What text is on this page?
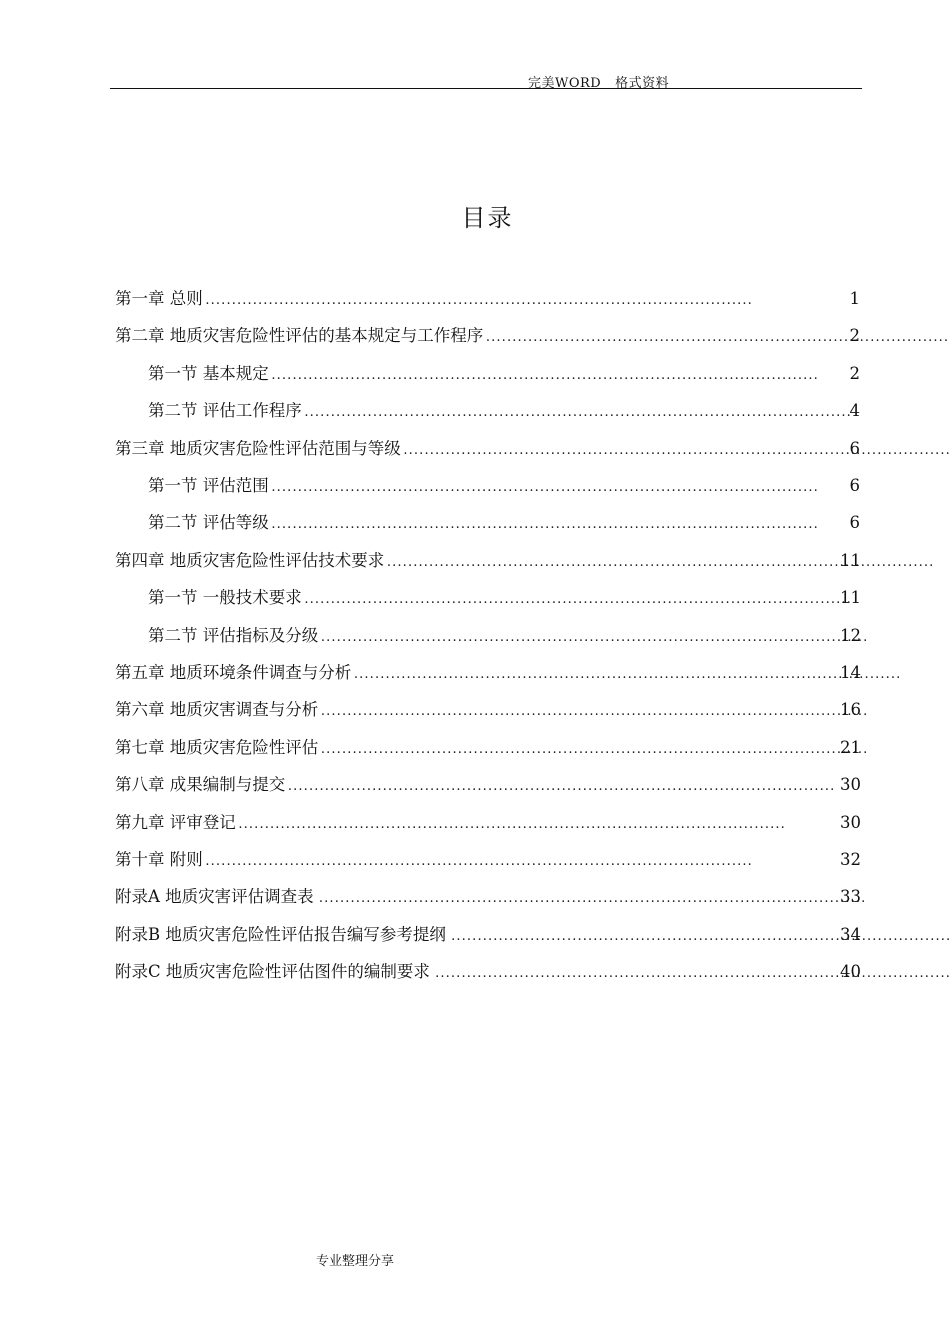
完美WORD   格式资料
目录
第一章 总则 . . .	1
第二章 地质灾害危险性评估的基本规定与工作程序 . . .	2
第一节 基本规定 . . .	2
第二节 评估工作程序 . . .	4
第三章 地质灾害危险性评估范围与等级 . . .	6
第一节 评估范围 . . .	6
第二节 评估等级 . . .	6
第四章 地质灾害危险性评估技术要求 . . .	11
第一节 一般技术要求 . . .	11
第二节 评估指标及分级 . . .	12
第五章 地质环境条件调查与分析 . . .	14
第六章 地质灾害调查与分析 . . .	16
第七章 地质灾害危险性评估 . . .	21
第八章 成果编制与提交 . . .	30
第九章 评审登记 . . .	30
第十章 附则 . . .	32
附录A 地质灾害评估调查表 . . .	33
附录B 地质灾害危险性评估报告编写参考提纲 . . .	34
附录C 地质灾害危险性评估图件的编制要求 . . .	40
专业整理分享
